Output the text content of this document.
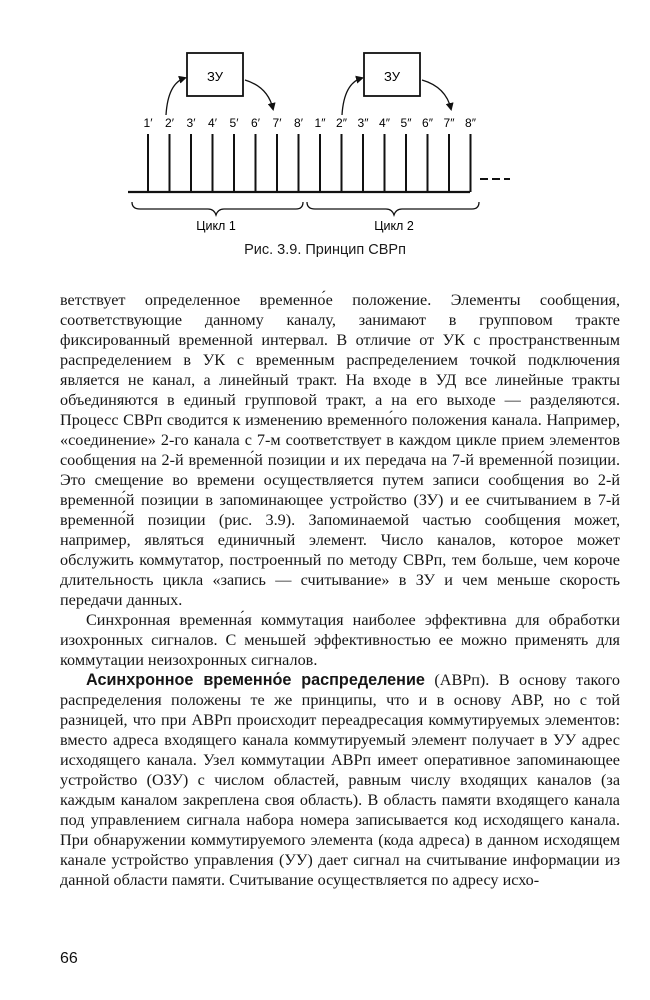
ЗУ	ЗУ
1′ 2′ 3′ 4′ 5′ 6′ 7′ 8′ 1″ 2″ 3″ 4″ 5″ 6″ 7″ 8″
Цикл 1	Цикл 2
Рис. 3.9. Принцип СВРп

ветствует определенное временно́е положение. Элементы сообщения, соответствующие данному каналу, занимают в групповом тракте фиксированный временной интервал. В отличие от УК с пространственным распределением в УК с временным распределением точкой подключения является не канал, а линейный тракт. На входе в УД все линейные тракты объединяются в единый групповой тракт, а на его выходе — разделяются. Процесс СВРп сводится к изменению временно́го положения канала. Например, «соединение» 2-го канала с 7-м соответствует в каждом цикле прием элементов сообщения на 2-й временно́й позиции и их передача на 7-й временно́й позиции. Это смещение во времени осуществляется путем записи сообщения во 2-й временно́й позиции в запоминающее устройство (ЗУ) и ее считыванием в 7-й временно́й позиции (рис. 3.9). Запоминаемой частью сообщения может, например, являться единичный элемент. Число каналов, которое может обслужить коммутатор, построенный по методу СВРп, тем больше, чем короче длительность цикла «запись — считывание» в ЗУ и чем меньше скорость передачи данных.

Синхронная временна́я коммутация наиболее эффективна для обработки изохронных сигналов. С меньшей эффективностью ее можно применять для коммутации неизохронных сигналов.

Асинхронное временно́е распределение (АВРп). В основу такого распределения положены те же принципы, что и в основу АВР, но с той разницей, что при АВРп происходит переадресация коммутируемых элементов: вместо адреса входящего канала коммутируемый элемент получает в УУ адрес исходящего канала. Узел коммутации АВРп имеет оперативное запоминающее устройство (ОЗУ) с числом областей, равным числу входящих каналов (за каждым каналом закреплена своя область). В область памяти входящего канала под управлением сигнала набора номера записывается код исходящего канала. При обнаружении коммутируемого элемента (кода адреса) в данном исходящем канале устройство управления (УУ) дает сигнал на считывание информации из данной области памяти. Считывание осуществляется по адресу исхо-

66
